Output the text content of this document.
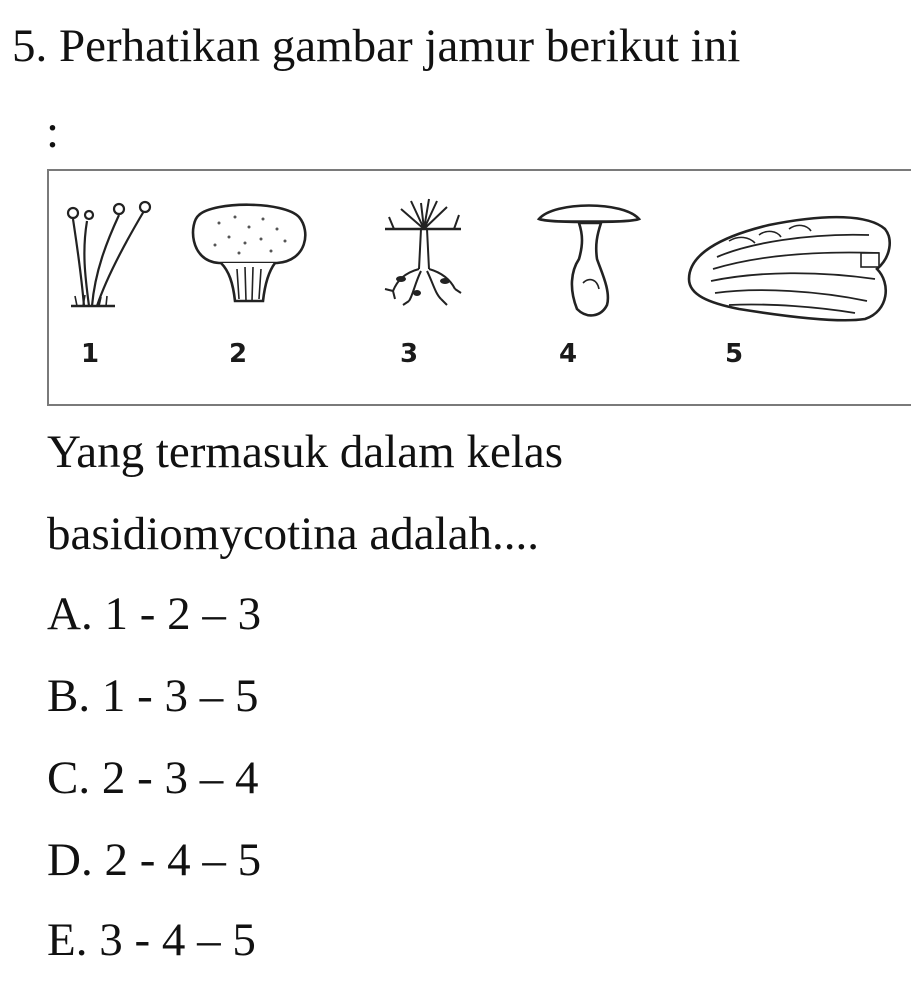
5. Perhatikan gambar jamur berikut ini
:
1	2	3	4	5
Yang termasuk dalam kelas
basidiomycotina adalah....
A. 1 - 2 – 3
B. 1 - 3 – 5
C. 2 - 3 – 4
D. 2 - 4 – 5
E. 3 - 4 – 5
